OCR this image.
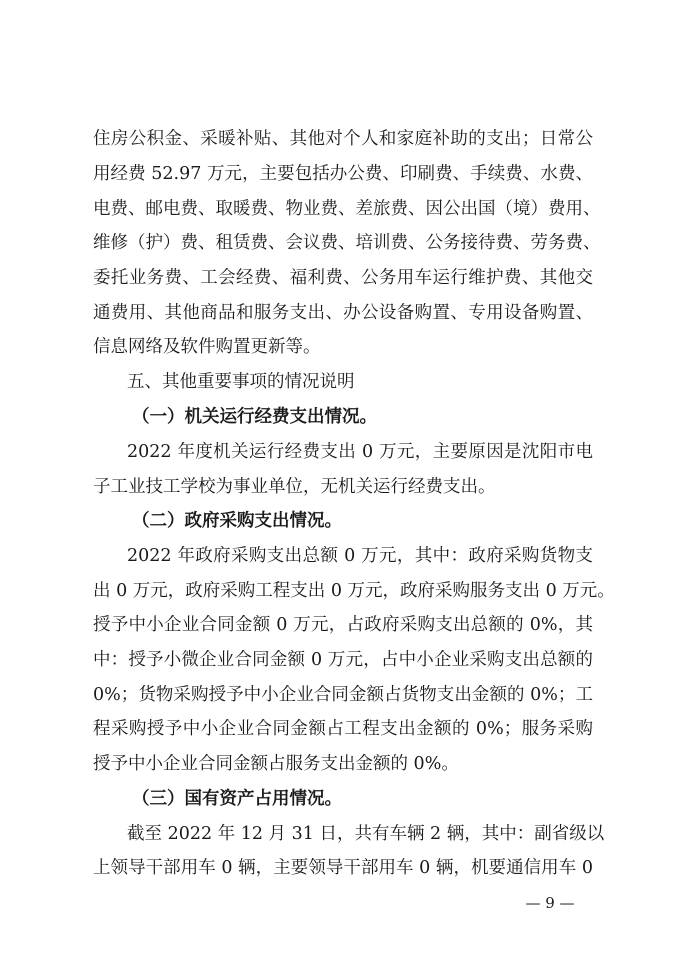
住房公积金、采暖补贴、其他对个人和家庭补助的支出；日常公
用经费 52.97 万元，主要包括办公费、印刷费、手续费、水费、
电费、邮电费、取暖费、物业费、差旅费、因公出国（境）费用、
维修（护）费、租赁费、会议费、培训费、公务接待费、劳务费、
委托业务费、工会经费、福利费、公务用车运行维护费、其他交
通费用、其他商品和服务支出、办公设备购置、专用设备购置、
信息网络及软件购置更新等。
五、其他重要事项的情况说明
（一）机关运行经费支出情况。
2022 年度机关运行经费支出 0 万元，主要原因是沈阳市电
子工业技工学校为事业单位，无机关运行经费支出。
（二）政府采购支出情况。
2022 年政府采购支出总额 0 万元，其中：政府采购货物支
出 0 万元，政府采购工程支出 0 万元，政府采购服务支出 0 万元。
授予中小企业合同金额 0 万元，占政府采购支出总额的 0%，其
中：授予小微企业合同金额 0 万元，占中小企业采购支出总额的
0%；货物采购授予中小企业合同金额占货物支出金额的 0%；工
程采购授予中小企业合同金额占工程支出金额的 0%；服务采购
授予中小企业合同金额占服务支出金额的 0%。
（三）国有资产占用情况。
截至 2022 年 12 月 31 日，共有车辆 2 辆，其中：副省级以
上领导干部用车 0 辆，主要领导干部用车 0 辆，机要通信用车 0
— 9 —
